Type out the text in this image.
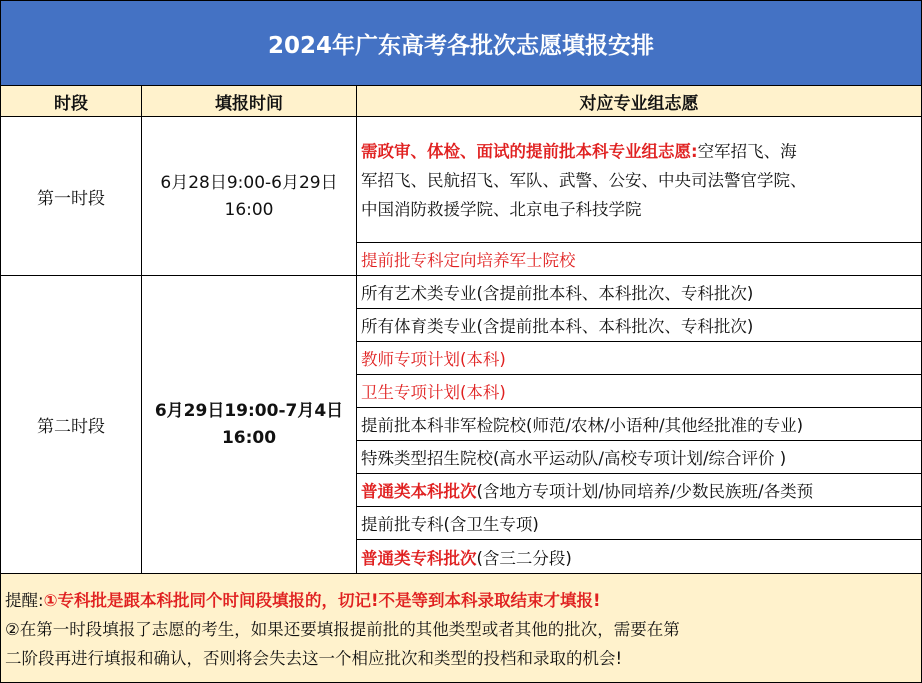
2024年广东高考各批次志愿填报安排
时段	填报时间	对应专业组志愿
第一时段
6月28日9:00-6月29日
16:00
需政审、体检、面试的提前批本科专业组志愿:空军招飞、海
军招飞、民航招飞、军队、武警、公安、中央司法警官学院、
中国消防救援学院、北京电子科技学院
提前批专科定向培养军士院校
第二时段
6月29日19:00-7月4日
16:00
所有艺术类专业(含提前批本科、本科批次、专科批次)
所有体育类专业(含提前批本科、本科批次、专科批次)
教师专项计划(本科)
卫生专项计划(本科)
提前批本科非军检院校(师范/农林/小语种/其他经批准的专业)
特殊类型招生院校(高水平运动队/高校专项计划/综合评价 )
普通类本科批次 (含地方专项计划/协同培养/少数民族班/各类预
提前批专科(含卫生专项)
普通类专科批次 (含三二分段)
提醒:①专科批是跟本科批同个时间段填报的，切记!不是等到本科录取结束才填报!
②在第一时段填报了志愿的考生，如果还要填报提前批的其他类型或者其他的批次，需要在第
二阶段再进行填报和确认，否则将会失去这一个相应批次和类型的投档和录取的机会!
